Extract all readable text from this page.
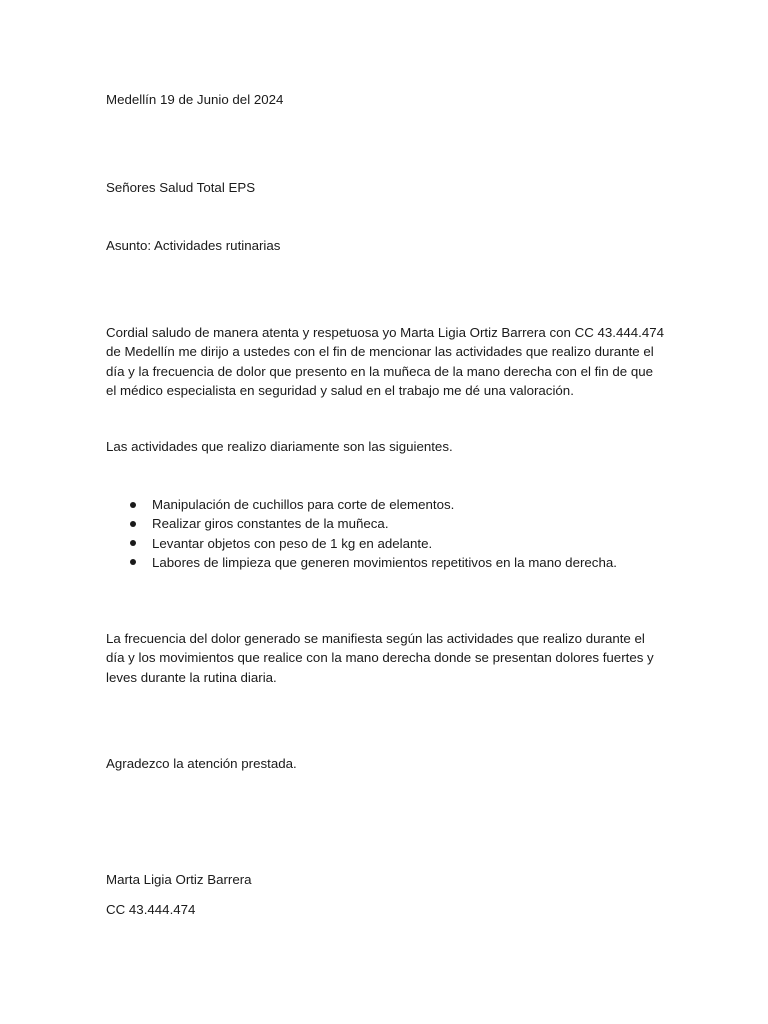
Medellín 19 de Junio del 2024

Señores Salud Total EPS

Asunto: Actividades rutinarias

Cordial saludo de manera atenta y respetuosa yo Marta Ligia Ortiz Barrera con CC 43.444.474 de Medellín me dirijo a ustedes con el fin de mencionar las actividades que realizo durante el día y la frecuencia de dolor que presento en la muñeca de la mano derecha con el fin de que el médico especialista en seguridad y salud en el trabajo me dé una valoración.

Las actividades que realizo diariamente son las siguientes.

Manipulación de cuchillos para corte de elementos.
Realizar giros constantes de la muñeca.
Levantar objetos con peso de 1 kg en adelante.
Labores de limpieza que generen movimientos repetitivos en la mano derecha.

La frecuencia del dolor generado se manifiesta según las actividades que realizo durante el día y los movimientos que realice con la mano derecha donde se presentan dolores fuertes y leves durante la rutina diaria.

Agradezco la atención prestada.

Marta Ligia Ortiz Barrera

CC 43.444.474
